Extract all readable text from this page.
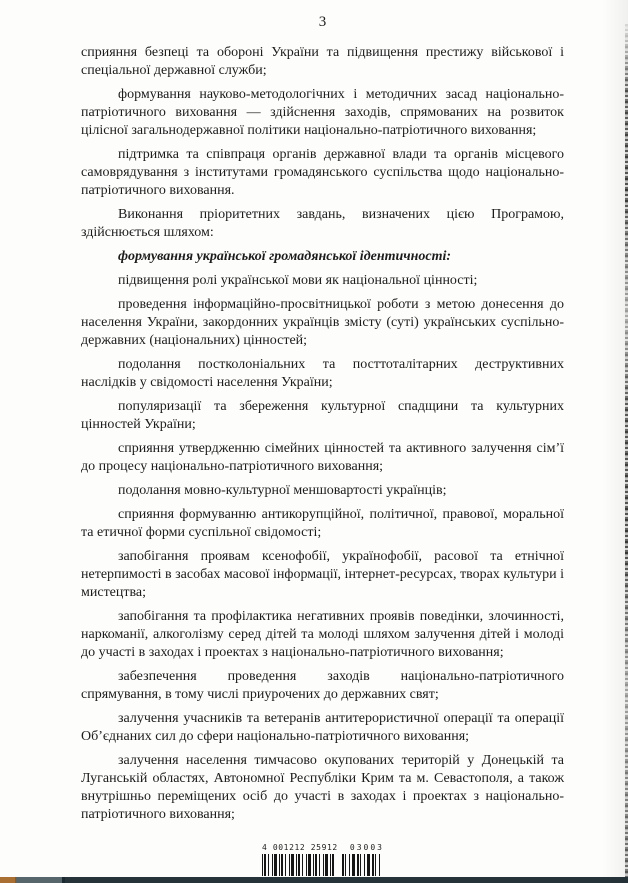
3

сприяння безпеці та обороні України та підвищення престижу військової і спеціальної державної служби;

формування науково-методологічних і методичних засад національно-патріотичного виховання — здійснення заходів, спрямованих на розвиток цілісної загальнодержавної політики національно-патріотичного виховання;

підтримка та співпраця органів державної влади та органів місцевого самоврядування з інститутами громадянського суспільства щодо національно-патріотичного виховання.

Виконання пріоритетних завдань, визначених цією Програмою, здійснюється шляхом:

формування української громадянської ідентичності:

підвищення ролі української мови як національної цінності;

проведення інформаційно-просвітницької роботи з метою донесення до населення України, закордонних українців змісту (суті) українських суспільно-державних (національних) цінностей;

подолання постколоніальних та посттоталітарних деструктивних наслідків у свідомості населення України;

популяризації та збереження культурної спадщини та культурних цінностей України;

сприяння утвердженню сімейних цінностей та активного залучення сім’ї до процесу національно-патріотичного виховання;

подолання мовно-культурної меншовартості українців;

сприяння формуванню антикорупційної, політичної, правової, моральної та етичної форми суспільної свідомості;

запобігання проявам ксенофобії, українофобії, расової та етнічної нетерпимості в засобах масової інформації, інтернет-ресурсах, творах культури і мистецтва;

запобігання та профілактика негативних проявів поведінки, злочинності, наркоманії, алкоголізму серед дітей та молоді шляхом залучення дітей і молоді до участі в заходах і проектах з національно-патріотичного виховання;

забезпечення проведення заходів національно-патріотичного спрямування, в тому числі приурочених до державних свят;

залучення учасників та ветеранів антитерористичної операції та операції Об’єднаних сил до сфери національно-патріотичного виховання;

залучення населення тимчасово окупованих територій у Донецькій та Луганській областях, Автономної Республіки Крим та м. Севастополя, а також внутрішньо переміщених осіб до участі в заходах і проектах з національно-патріотичного виховання;

4 001212 25912 03003
